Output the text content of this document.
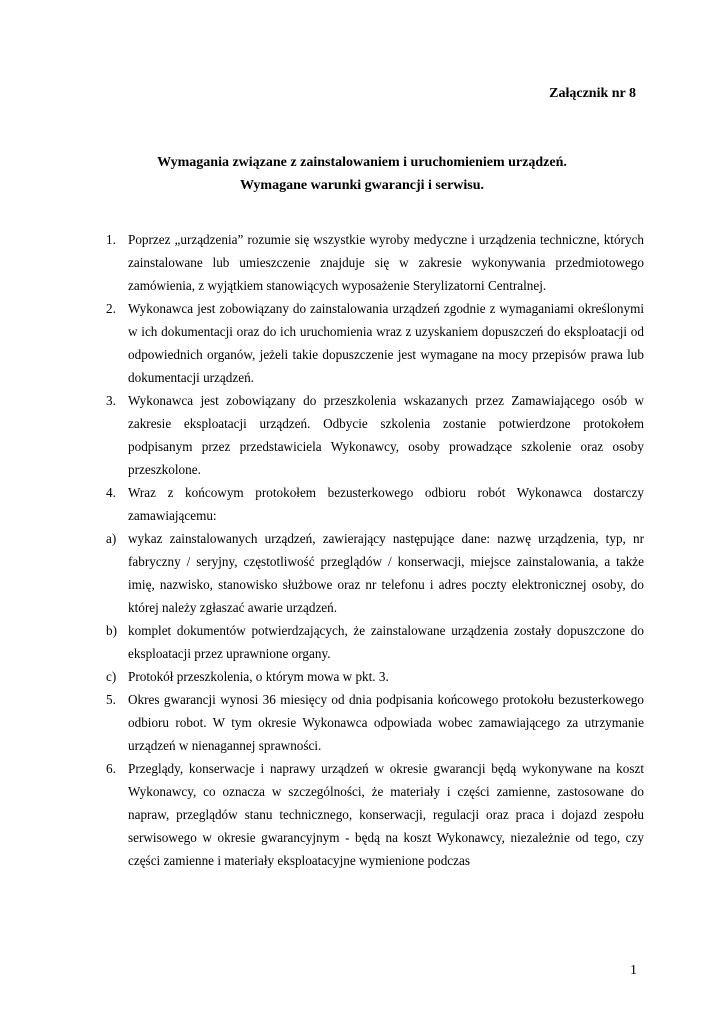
Załącznik nr 8
Wymagania związane z zainstalowaniem i uruchomieniem urządzeń.
Wymagane warunki gwarancji i serwisu.
1. Poprzez „urządzenia” rozumie się wszystkie wyroby medyczne i urządzenia techniczne, których zainstalowane lub umieszczenie znajduje się w zakresie wykonywania przedmiotowego zamówienia, z wyjątkiem stanowiących wyposażenie Sterylizatorni Centralnej.
2. Wykonawca jest zobowiązany do zainstalowania urządzeń zgodnie z wymaganiami określonymi w ich dokumentacji oraz do ich uruchomienia wraz z uzyskaniem dopuszczeń do eksploatacji od odpowiednich organów, jeżeli takie dopuszczenie jest wymagane na mocy przepisów prawa lub dokumentacji urządzeń.
3. Wykonawca jest zobowiązany do przeszkolenia wskazanych przez Zamawiającego osób w zakresie eksploatacji urządzeń. Odbycie szkolenia zostanie potwierdzone protokołem podpisanym przez przedstawiciela Wykonawcy, osoby prowadzące szkolenie oraz osoby przeszkolone.
4. Wraz z końcowym protokołem bezusterkowego odbioru robót Wykonawca dostarczy zamawiającemu:
a) wykaz zainstalowanych urządzeń, zawierający następujące dane: nazwę urządzenia, typ, nr fabryczny / seryjny, częstotliwość przeglądów / konserwacji, miejsce zainstalowania, a także imię, nazwisko, stanowisko służbowe oraz nr telefonu i adres poczty elektronicznej osoby, do której należy zgłaszać awarie urządzeń.
b) komplet dokumentów potwierdzających, że zainstalowane urządzenia zostały dopuszczone do eksploatacji przez uprawnione organy.
c) Protokół przeszkolenia, o którym mowa w pkt. 3.
5. Okres gwarancji wynosi 36 miesięcy od dnia podpisania końcowego protokołu bezusterkowego odbioru robot. W tym okresie Wykonawca odpowiada wobec zamawiającego za utrzymanie urządzeń w nienagannej sprawności.
6. Przeglądy, konserwacje i naprawy urządzeń w okresie gwarancji będą wykonywane na koszt Wykonawcy, co oznacza w szczególności, że materiały i części zamienne, zastosowane do napraw, przeglądów stanu technicznego, konserwacji, regulacji oraz praca i dojazd zespołu serwisowego w okresie gwarancyjnym - będą na koszt Wykonawcy, niezależnie od tego, czy części zamienne i materiały eksploatacyjne wymienione podczas
1
